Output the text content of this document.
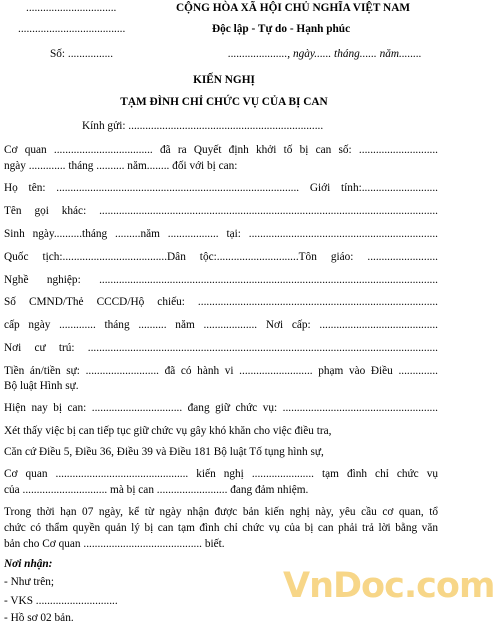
................................	CỘNG HÒA XÃ HỘI CHỦ NGHĨA VIỆT NAM
......................................	Độc lập - Tự do - Hạnh phúc
Số: ................	....................., ngày...... tháng...... năm........
KIẾN NGHỊ
TẠM ĐÌNH CHỈ CHỨC VỤ CỦA BỊ CAN
Kính gửi: .....................................................................
Cơ quan ................................... đã ra Quyết định khởi tố bị can số: ............................
ngày ............. tháng .......... năm........ đối với bị can:
Họ tên: ...................................................................................... Giới tính:...........................
Tên gọi khác: ........................................................................................................................
Sinh ngày..........tháng .........năm .................. tại: ...................................................................
Quốc tịch:.....................................Dân tộc:.............................Tôn giáo: .........................
Nghề nghiệp: ........................................................................................................................
Số CMND/Thẻ CCCD/Hộ chiếu: .....................................................................................
cấp ngày ............. tháng .......... năm ................... Nơi cấp: ..........................................
Nơi cư trú: ............................................................................................................................
Tiền án/tiền sự: .......................... đã có hành vi .......................... phạm vào Điều ..............
Bộ luật Hình sự.
Hiện nay bị can: ................................ đang giữ chức vụ: .......................................................
Xét thấy việc bị can tiếp tục giữ chức vụ gây khó khăn cho việc điều tra,
Căn cứ Điều 5, Điều 36, Điều 39 và Điều 181 Bộ luật Tố tụng hình sự,
Cơ quan ............................................... kiến nghị ...................... tạm đình chỉ chức vụ
của .............................. mà bị can ......................... đang đảm nhiệm.
Trong thời hạn 07 ngày, kể từ ngày nhận được bản kiến nghị này, yêu cầu cơ quan, tổ
chức có thẩm quyền quản lý bị can tạm đình chỉ chức vụ của bị can phải trả lời bằng văn
bản cho Cơ quan .......................................... biết.
Nơi nhận:
- Như trên;
- VKS .............................
- Hồ sơ 02 bản.
VnDoc.com
